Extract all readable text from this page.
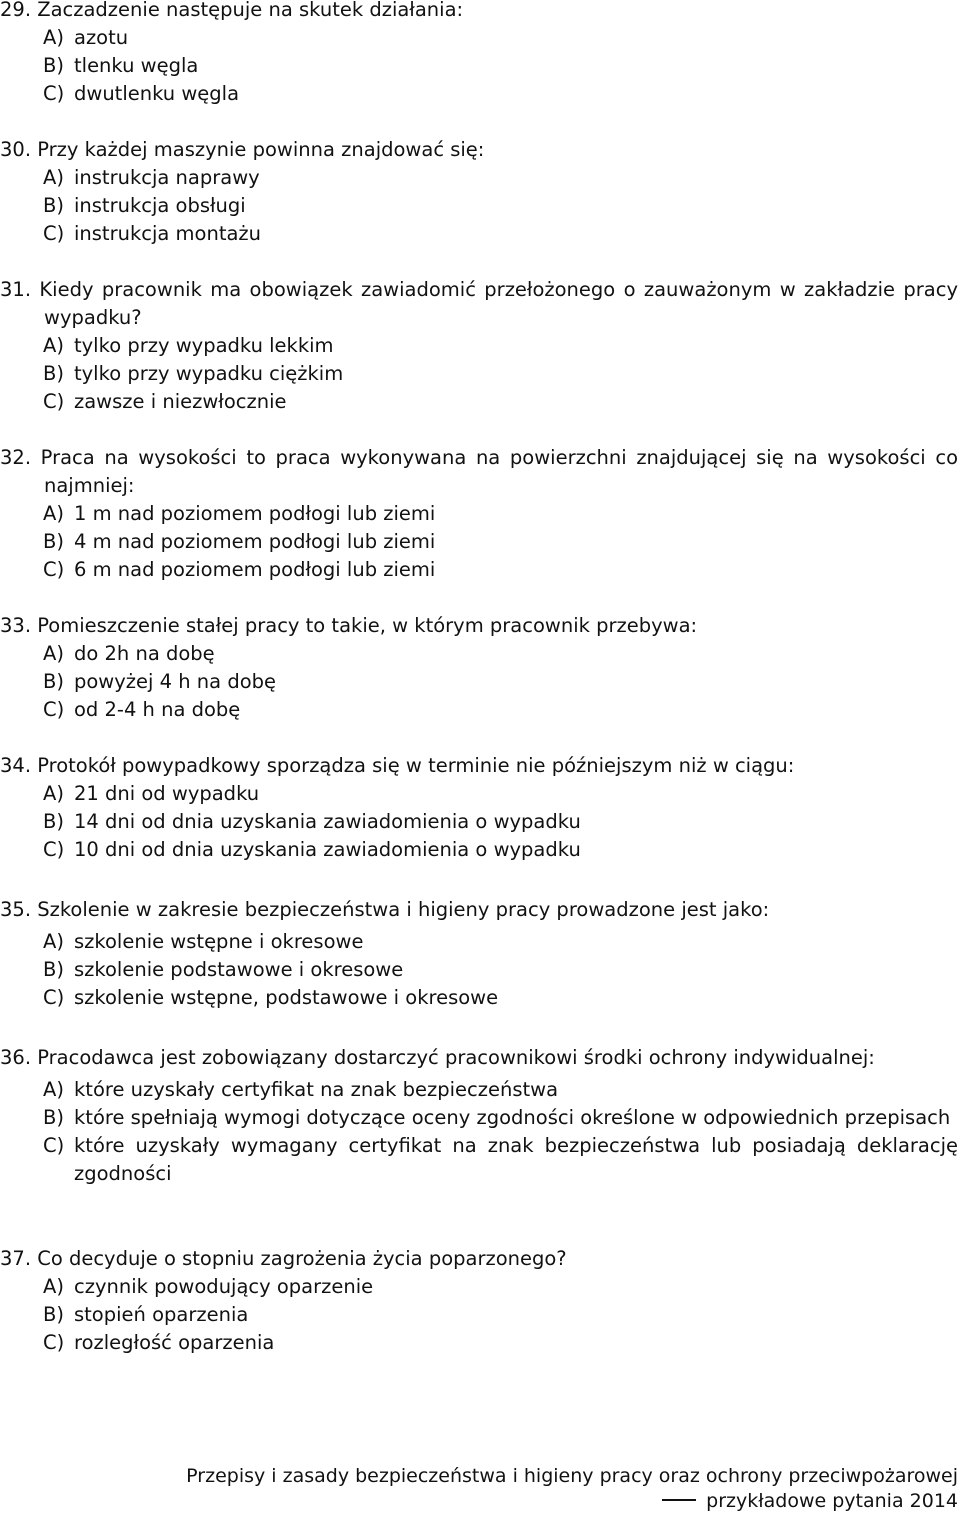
29. Zaczadzenie następuje na skutek działania:
A) azotu
B) tlenku węgla
C) dwutlenku węgla
30. Przy każdej maszynie powinna znajdować się:
A) instrukcja naprawy
B) instrukcja obsługi
C) instrukcja montażu
31. Kiedy pracownik ma obowiązek zawiadomić przełożonego o zauważonym w zakładzie pracy wypadku?
A) tylko przy wypadku lekkim
B) tylko przy wypadku ciężkim
C) zawsze i niezwłocznie
32. Praca na wysokości to praca wykonywana na powierzchni znajdującej się na wysokości co najmniej:
A) 1 m nad poziomem podłogi lub ziemi
B) 4 m nad poziomem podłogi lub ziemi
C) 6 m nad poziomem podłogi lub ziemi
33. Pomieszczenie stałej pracy to takie, w którym pracownik przebywa:
A) do 2h na dobę
B) powyżej 4 h na dobę
C) od 2-4 h na dobę
34. Protokół powypadkowy sporządza się w terminie nie późniejszym niż w ciągu:
A) 21 dni od wypadku
B) 14 dni od dnia uzyskania zawiadomienia o wypadku
C) 10 dni od dnia uzyskania zawiadomienia o wypadku
35. Szkolenie w zakresie bezpieczeństwa i higieny pracy prowadzone jest jako:
A) szkolenie wstępne i okresowe
B) szkolenie podstawowe i okresowe
C) szkolenie wstępne, podstawowe i okresowe
36. Pracodawca jest zobowiązany dostarczyć pracownikowi środki ochrony indywidualnej:
A) które uzyskały certyfikat na znak bezpieczeństwa
B) które spełniają wymogi dotyczące oceny zgodności określone w odpowiednich przepisach
C) które uzyskały wymagany certyfikat na znak bezpieczeństwa lub posiadają deklarację zgodności
37. Co decyduje o stopniu zagrożenia życia poparzonego?
A) czynnik powodujący oparzenie
B) stopień oparzenia
C) rozległość oparzenia
Przepisy i zasady bezpieczeństwa i higieny pracy oraz ochrony przeciwpożarowej
przykładowe pytania 2014
